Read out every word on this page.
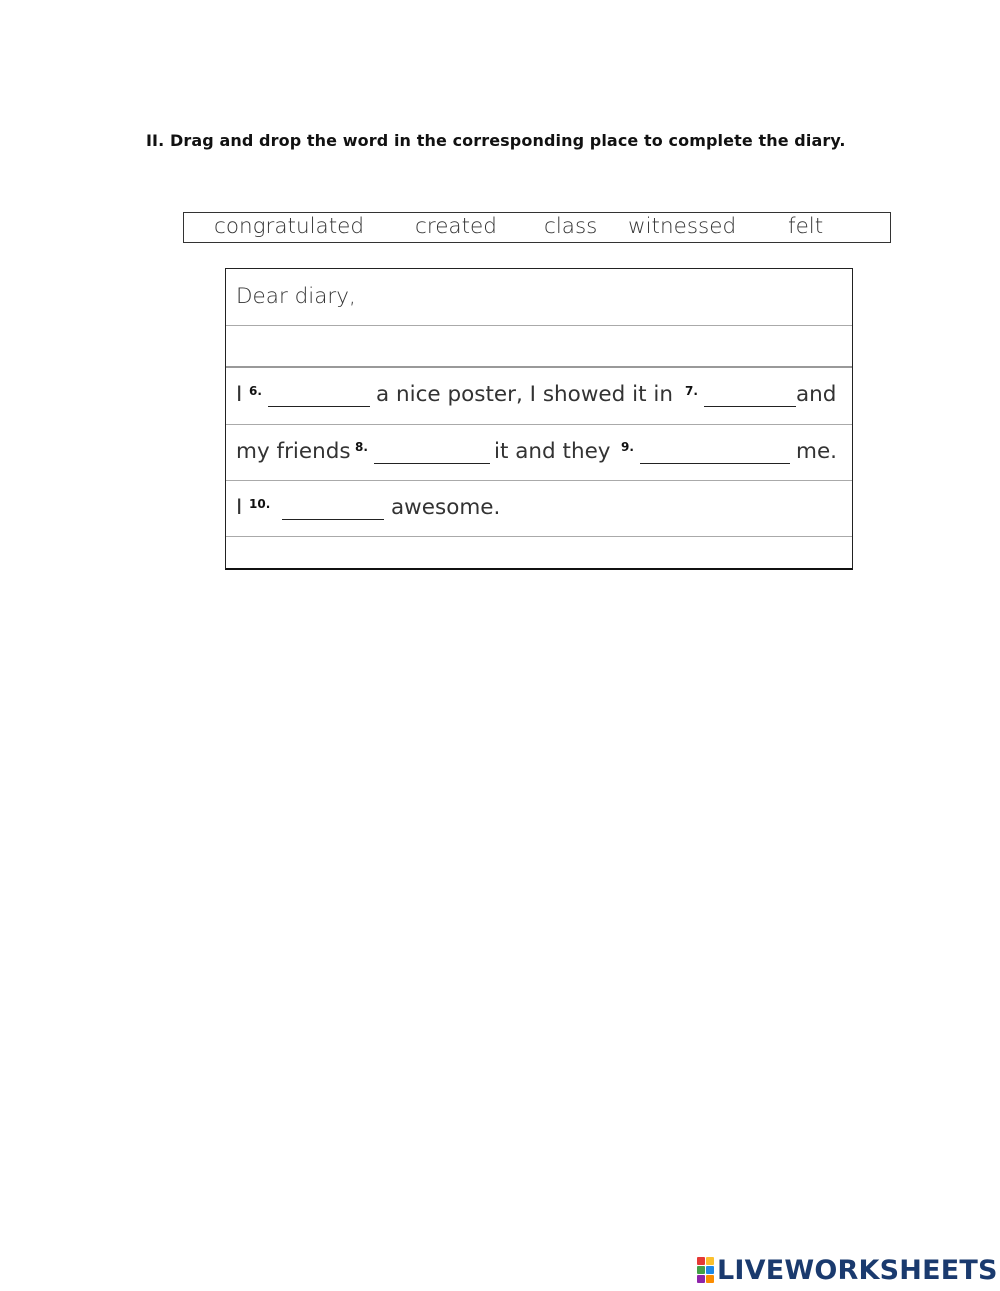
II. Drag and drop the word in the corresponding place to complete the diary.
congratulated created class witnessed felt
Dear diary,
I 6.	a nice poster, I showed it in 7.	and
my friends 8.	it and they 9.	me.
I 10.	awesome.
LIVEWORKSHEETS
